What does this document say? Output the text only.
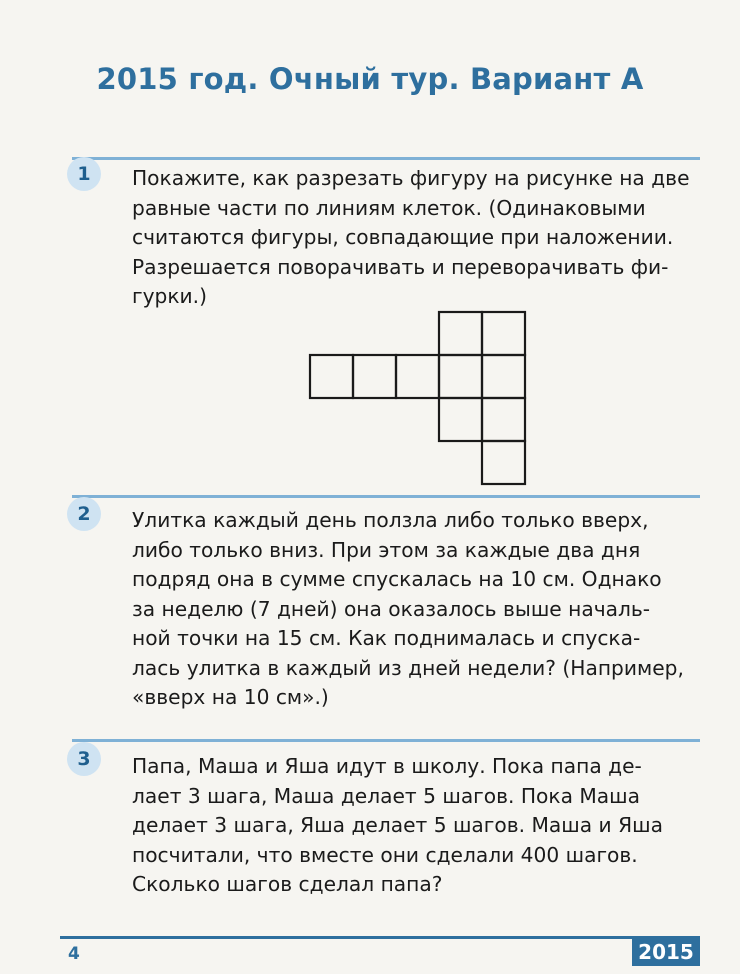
2015 год. Очный тур. Вариант А
1	Покажите, как разрезать фигуру на рисунке на две
равные части по линиям клеток. (Одинаковыми
считаются фигуры, совпадающие при наложении.
Разрешается поворачивать и переворачивать фи-
гурки.)
2	Улитка каждый день ползла либо только вверх,
либо только вниз. При этом за каждые два дня
подряд она в сумме спускалась на 10 см. Однако
за неделю (7 дней) она оказалось выше началь-
ной точки на 15 см. Как поднималась и спуска-
лась улитка в каждый из дней недели? (Например,
«вверх на 10 см».)
3	Папа, Маша и Яша идут в школу. Пока папа де-
лает 3 шага, Маша делает 5 шагов. Пока Маша
делает 3 шага, Яша делает 5 шагов. Маша и Яша
посчитали, что вместе они сделали 400 шагов.
Сколько шагов сделал папа?
4	2015
